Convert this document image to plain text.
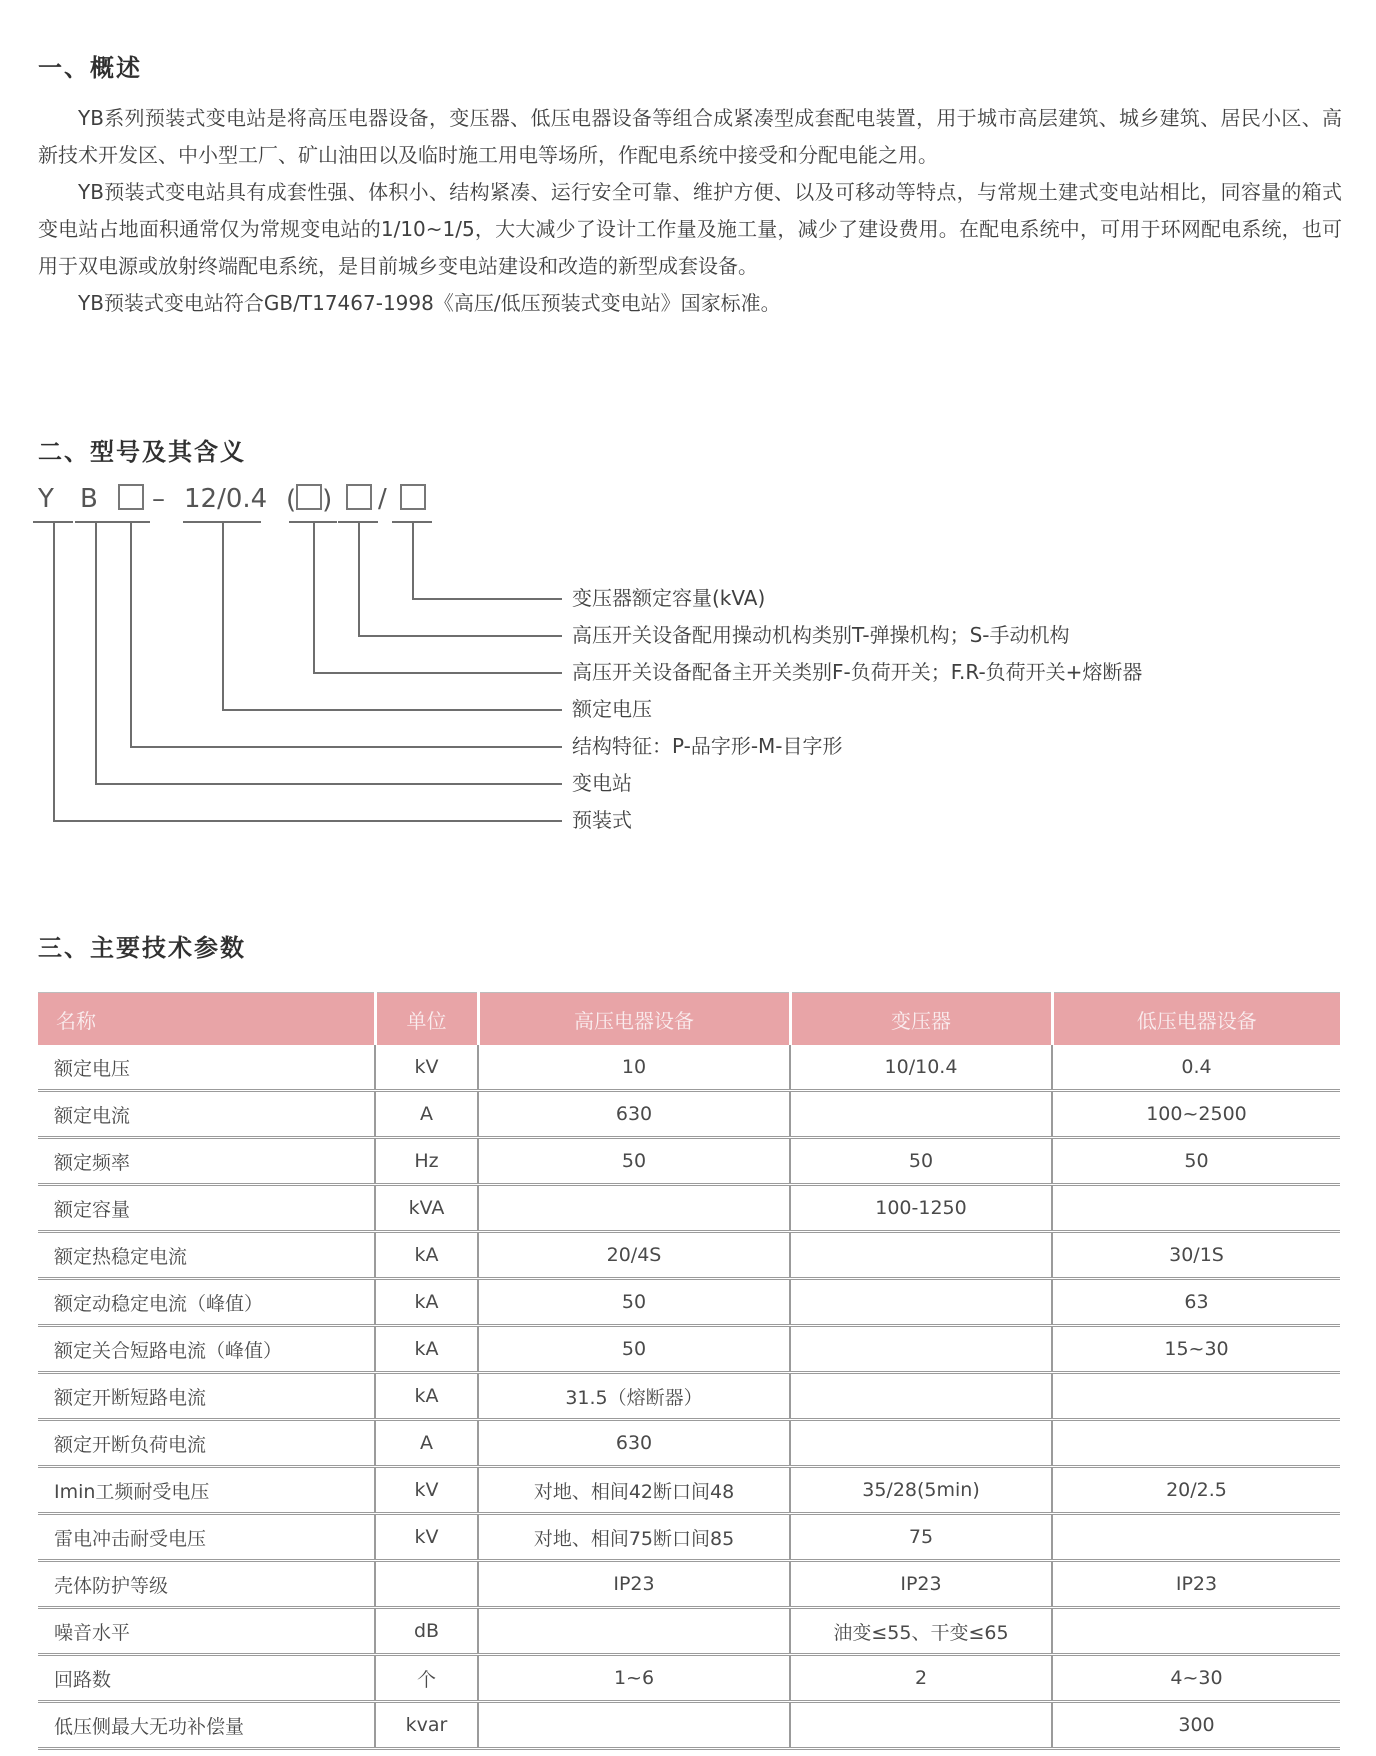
一、概述

YB系列预装式变电站是将高压电器设备，变压器、低压电器设备等组合成紧凑型成套配电装置，用于城市高层建筑、城乡建筑、居民小区、高新技术开发区、中小型工厂、矿山油田以及临时施工用电等场所，作配电系统中接受和分配电能之用。

YB预装式变电站具有成套性强、体积小、结构紧凑、运行安全可靠、维护方便、以及可移动等特点，与常规土建式变电站相比，同容量的箱式变电站占地面积通常仅为常规变电站的1/10~1/5，大大减少了设计工作量及施工量，减少了建设费用。在配电系统中，可用于环网配电系统，也可用于双电源或放射终端配电系统，是目前城乡变电站建设和改造的新型成套设备。

YB预装式变电站符合GB/T17467-1998《高压/低压预装式变电站》国家标准。

二、型号及其含义
Y B – 12/0.4 ( ) /
变压器额定容量(kVA)
高压开关设备配用操动机构类别T-弹操机构；S-手动机构
高压开关设备配备主开关类别F-负荷开关；F.R-负荷开关+熔断器
额定电压
结构特征：P-品字形-M-目字形
变电站
预装式
三、主要技术参数
名称	单位	高压电器设备	变压器	低压电器设备
额定电压	kV	10	10/10.4	0.4
额定电流	A	630		100~2500
额定频率	Hz	50	50	50
额定容量	kVA		100-1250	
额定热稳定电流	kA	20/4S		30/1S
额定动稳定电流（峰值）	kA	50		63
额定关合短路电流（峰值）	kA	50		15~30
额定开断短路电流	kA	31.5（熔断器）		
额定开断负荷电流	A	630		
Imin工频耐受电压	kV	对地、相间42断口间48	35/28(5min)	20/2.5
雷电冲击耐受电压	kV	对地、相间75断口间85	75	
壳体防护等级		IP23	IP23	IP23
噪音水平	dB		油变≤55、干变≤65	
回路数	个	1~6	2	4~30
低压侧最大无功补偿量	kvar			300
